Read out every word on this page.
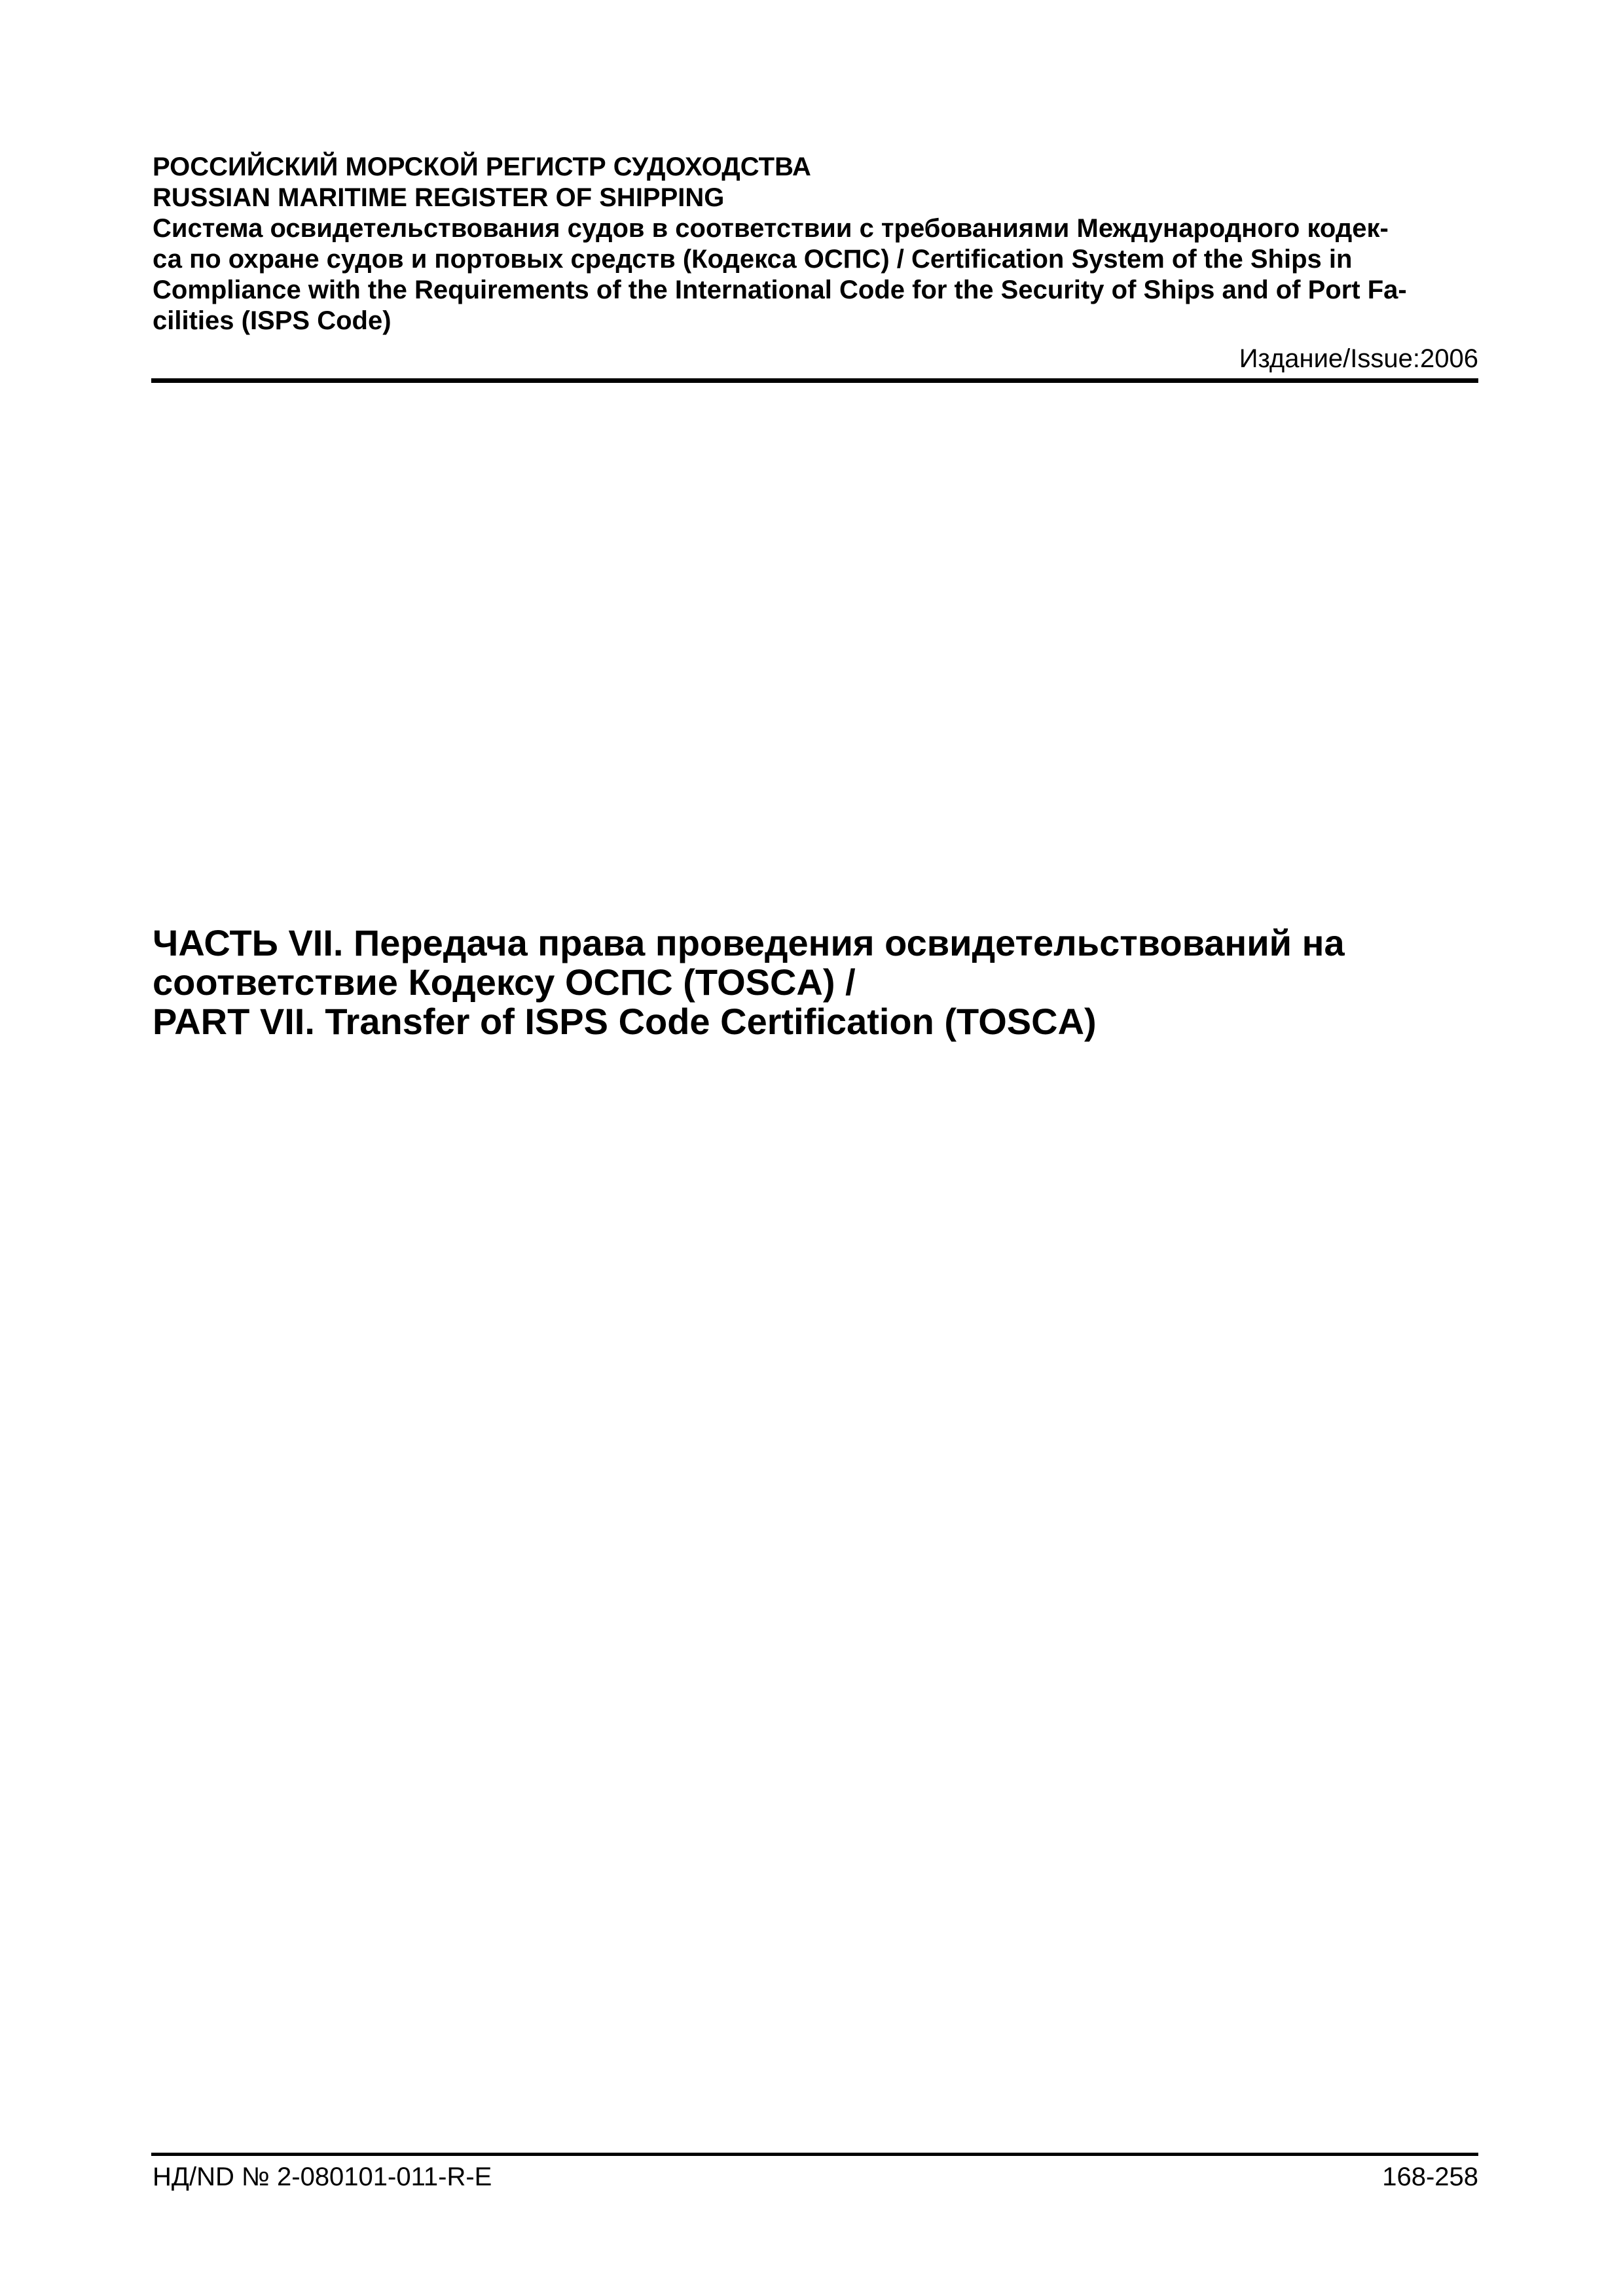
РОССИЙСКИЙ МОРСКОЙ РЕГИСТР СУДОХОДСТВА
RUSSIAN MARITIME REGISTER OF SHIPPING

Система освидетельствования судов в соответствии с требованиями Международного кодек-
са по охране судов и портовых средств (Кодекса ОСПС) / Certification System of the Ships in
Compliance with the Requirements of the International Code for the Security of Ships and of Port Fa-
cilities (ISPS Code)

Издание/Issue:2006
ЧАСТЬ VII. Передача права проведения освидетельствований на
соответствие Кодексу ОСПС (TOSCA) /
PART VII. Transfer of ISPS Code Certification (TOSCA)
НД/ND № 2-080101-011-R-E	168-258
